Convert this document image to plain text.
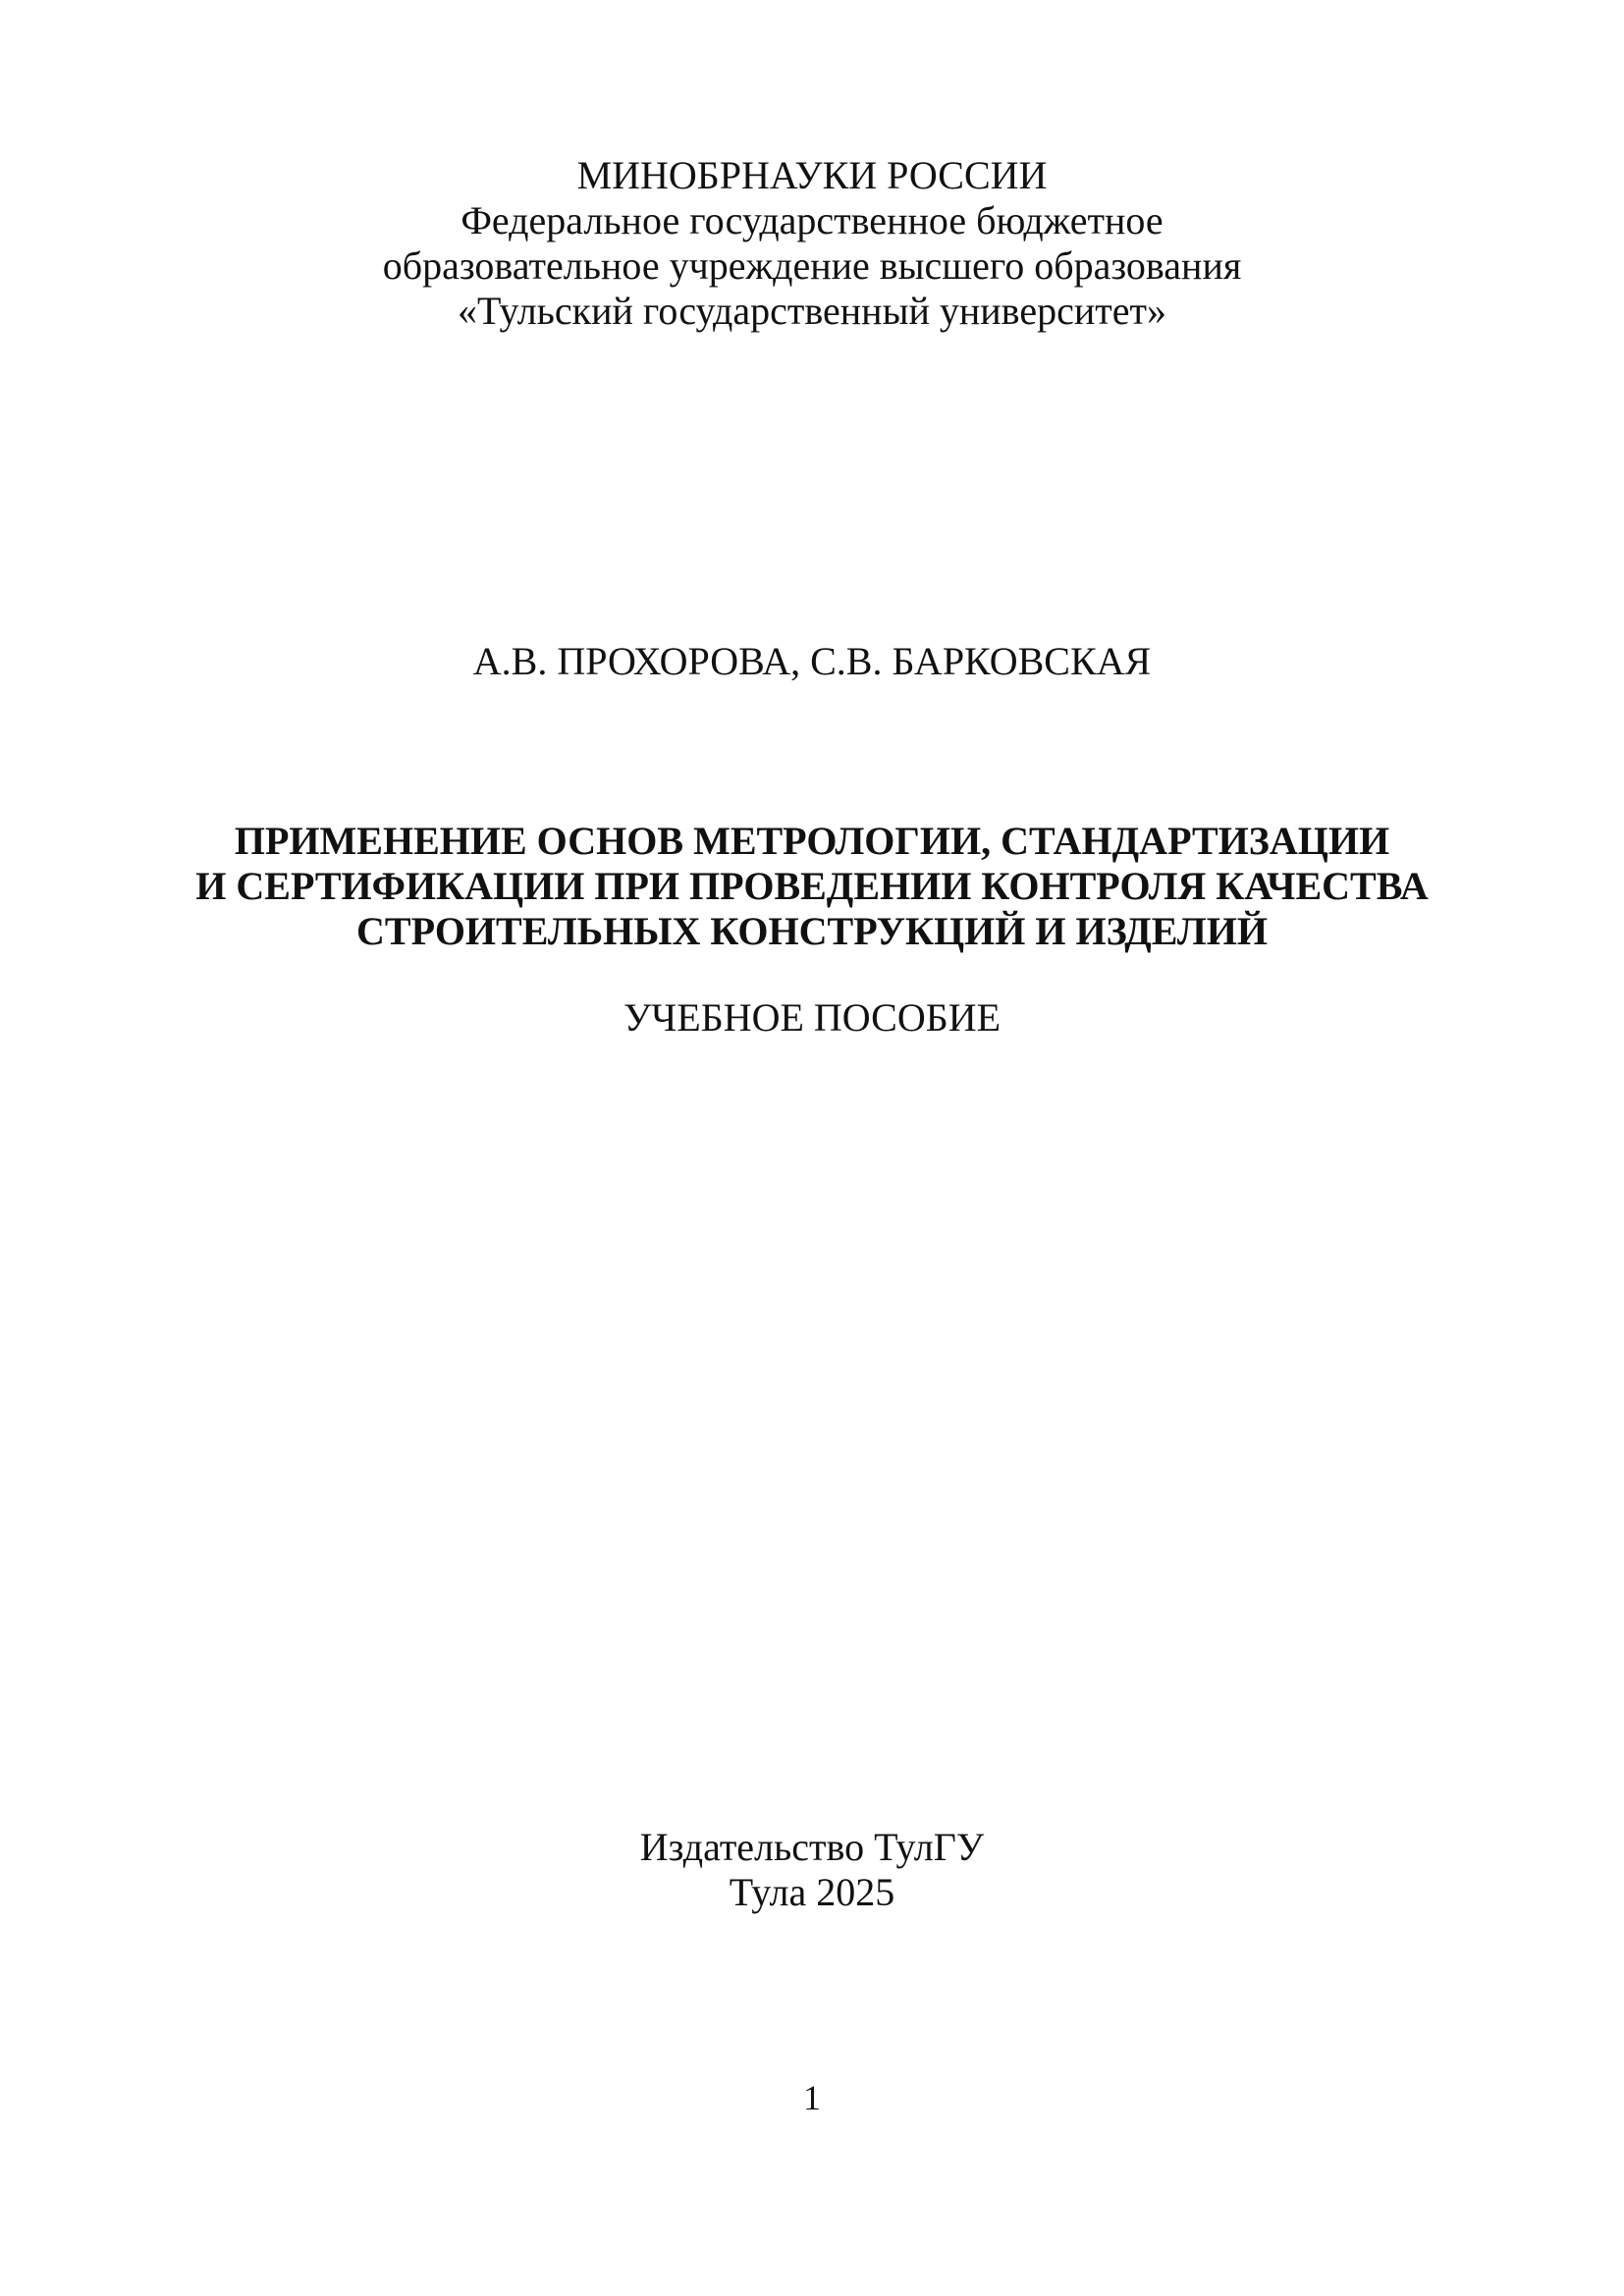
МИНОБРНАУКИ РОССИИ
Федеральное государственное бюджетное
образовательное учреждение высшего образования
«Тульский государственный университет»
А.В. ПРОХОРОВА, С.В. БАРКОВСКАЯ
ПРИМЕНЕНИЕ ОСНОВ МЕТРОЛОГИИ, СТАНДАРТИЗАЦИИ
И СЕРТИФИКАЦИИ ПРИ ПРОВЕДЕНИИ КОНТРОЛЯ КАЧЕСТВА
СТРОИТЕЛЬНЫХ КОНСТРУКЦИЙ И ИЗДЕЛИЙ
УЧЕБНОЕ ПОСОБИЕ
Издательство ТулГУ
Тула 2025
1
